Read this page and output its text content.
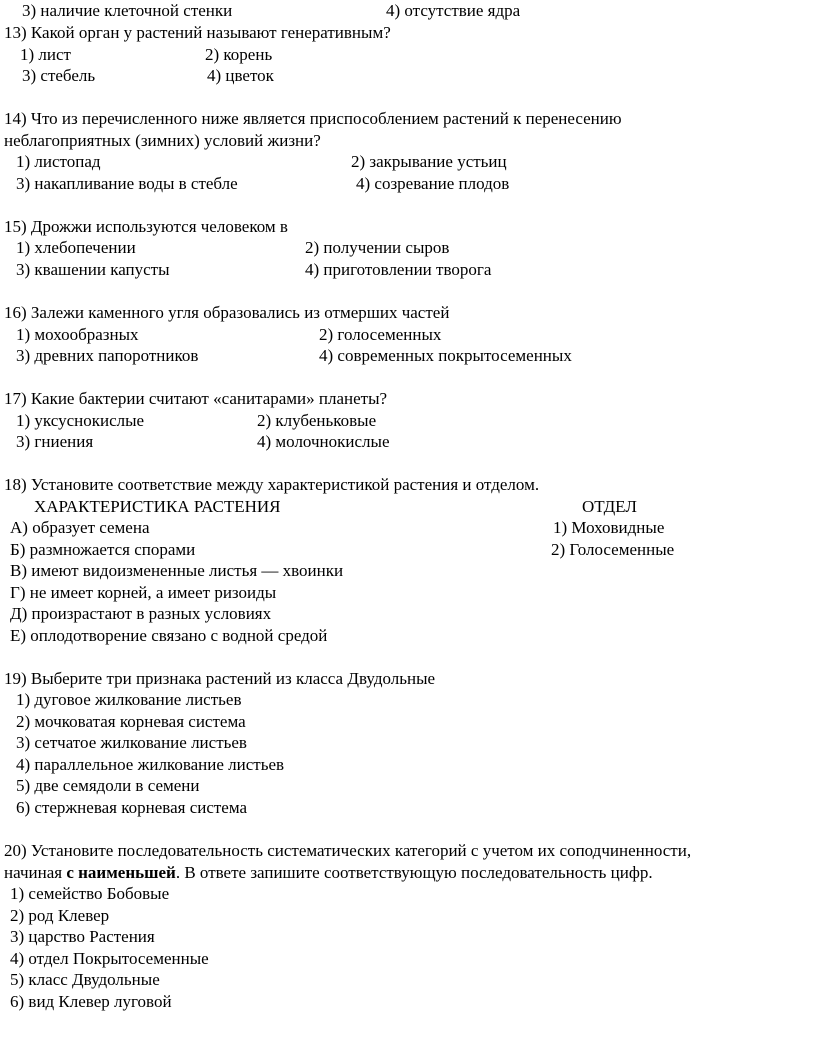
3) наличие клеточной стенки	4) отсутствие ядра
13) Какой орган у растений называют генеративным?
1) лист	2) корень
3) стебель	4) цветок
14) Что из перечисленного ниже является приспособлением растений к перенесению
неблагоприятных (зимних) условий жизни?
1) листопад	2) закрывание устьиц
3) накапливание воды в стебле	4) созревание плодов
15) Дрожжи используются человеком в
1) хлебопечении	2) получении сыров
3) квашении капусты	4) приготовлении творога
16) Залежи каменного угля образовались из отмерших частей
1) мохообразных	2) голосеменных
3) древних папоротников	4) современных покрытосеменных
17) Какие бактерии считают «санитарами» планеты?
1) уксуснокислые	2) клубеньковые
3) гниения	4) молочнокислые
18) Установите соответствие между характеристикой растения и отделом.
ХАРАКТЕРИСТИКА РАСТЕНИЯ	ОТДЕЛ
А) образует семена	1) Моховидные
Б) размножается спорами	2) Голосеменные
В) имеют видоизмененные листья — хвоинки
Г) не имеет корней, а имеет ризоиды
Д) произрастают в разных условиях
Е) оплодотворение связано с водной средой
19) Выберите три признака растений из класса Двудольные
1) дуговое жилкование листьев
2) мочковатая корневая система
3) сетчатое жилкование листьев
4) параллельное жилкование листьев
5) две семядоли в семени
6) стержневая корневая система
20) Установите последовательность систематических категорий с учетом их соподчиненности,
начиная с наименьшей. В ответе запишите соответствующую последовательность цифр.
1) семейство Бобовые
2) род Клевер
3) царство Растения
4) отдел Покрытосеменные
5) класс Двудольные
6) вид Клевер луговой
